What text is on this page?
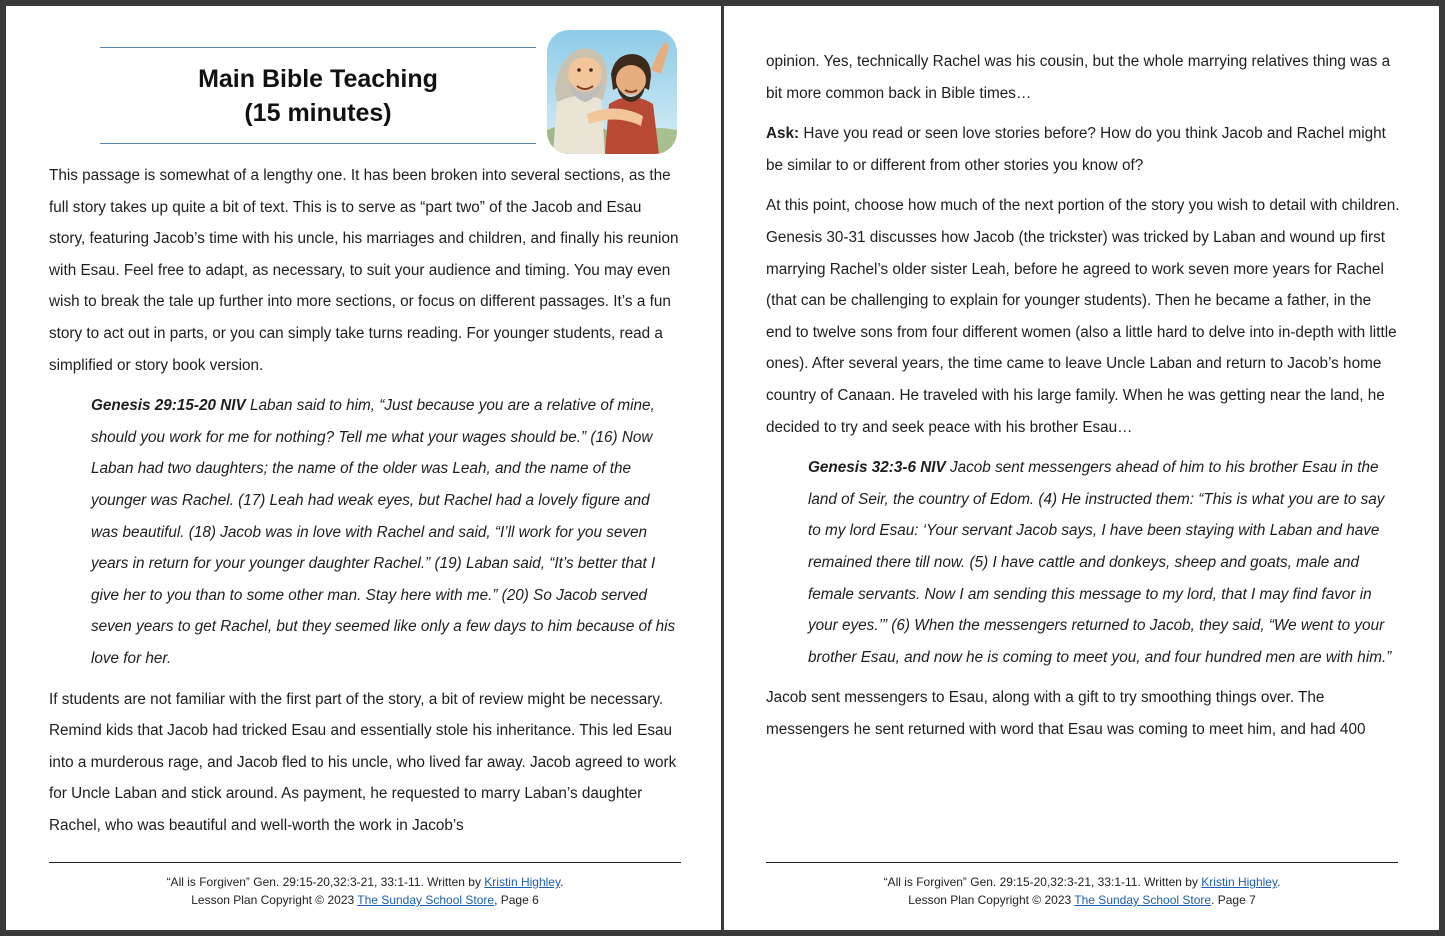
Main Bible Teaching
(15 minutes)

This passage is somewhat of a lengthy one. It has been broken into several sections, as the full story takes up quite a bit of text. This is to serve as “part two” of the Jacob and Esau story, featuring Jacob’s time with his uncle, his marriages and children, and finally his reunion with Esau. Feel free to adapt, as necessary, to suit your audience and timing. You may even wish to break the tale up further into more sections, or focus on different passages. It’s a fun story to act out in parts, or you can simply take turns reading. For younger students, read a simplified or story book version.

Genesis 29:15-20 NIV Laban said to him, “Just because you are a relative of mine, should you work for me for nothing? Tell me what your wages should be.” (16) Now Laban had two daughters; the name of the older was Leah, and the name of the younger was Rachel. (17) Leah had weak eyes, but Rachel had a lovely figure and was beautiful. (18) Jacob was in love with Rachel and said, “I’ll work for you seven years in return for your younger daughter Rachel.” (19) Laban said, “It’s better that I give her to you than to some other man. Stay here with me.” (20) So Jacob served seven years to get Rachel, but they seemed like only a few days to him because of his love for her.

If students are not familiar with the first part of the story, a bit of review might be necessary. Remind kids that Jacob had tricked Esau and essentially stole his inheritance. This led Esau into a murderous rage, and Jacob fled to his uncle, who lived far away. Jacob agreed to work for Uncle Laban and stick around. As payment, he requested to marry Laban’s daughter Rachel, who was beautiful and well-worth the work in Jacob’s

“All is Forgiven” Gen. 29:15-20,32:3-21, 33:1-11. Written by Kristin Highley.
Lesson Plan Copyright © 2023 The Sunday School Store, Page 6

opinion. Yes, technically Rachel was his cousin, but the whole marrying relatives thing was a bit more common back in Bible times…

Ask: Have you read or seen love stories before? How do you think Jacob and Rachel might be similar to or different from other stories you know of?

At this point, choose how much of the next portion of the story you wish to detail with children. Genesis 30-31 discusses how Jacob (the trickster) was tricked by Laban and wound up first marrying Rachel’s older sister Leah, before he agreed to work seven more years for Rachel (that can be challenging to explain for younger students). Then he became a father, in the end to twelve sons from four different women (also a little hard to delve into in-depth with little ones). After several years, the time came to leave Uncle Laban and return to Jacob’s home country of Canaan. He traveled with his large family. When he was getting near the land, he decided to try and seek peace with his brother Esau…

Genesis 32:3-6 NIV Jacob sent messengers ahead of him to his brother Esau in the land of Seir, the country of Edom. (4) He instructed them: “This is what you are to say to my lord Esau: ‘Your servant Jacob says, I have been staying with Laban and have remained there till now. (5) I have cattle and donkeys, sheep and goats, male and female servants. Now I am sending this message to my lord, that I may find favor in your eyes.’” (6) When the messengers returned to Jacob, they said, “We went to your brother Esau, and now he is coming to meet you, and four hundred men are with him.”

Jacob sent messengers to Esau, along with a gift to try smoothing things over. The messengers he sent returned with word that Esau was coming to meet him, and had 400

“All is Forgiven” Gen. 29:15-20,32:3-21, 33:1-11. Written by Kristin Highley.
Lesson Plan Copyright © 2023 The Sunday School Store. Page 7
